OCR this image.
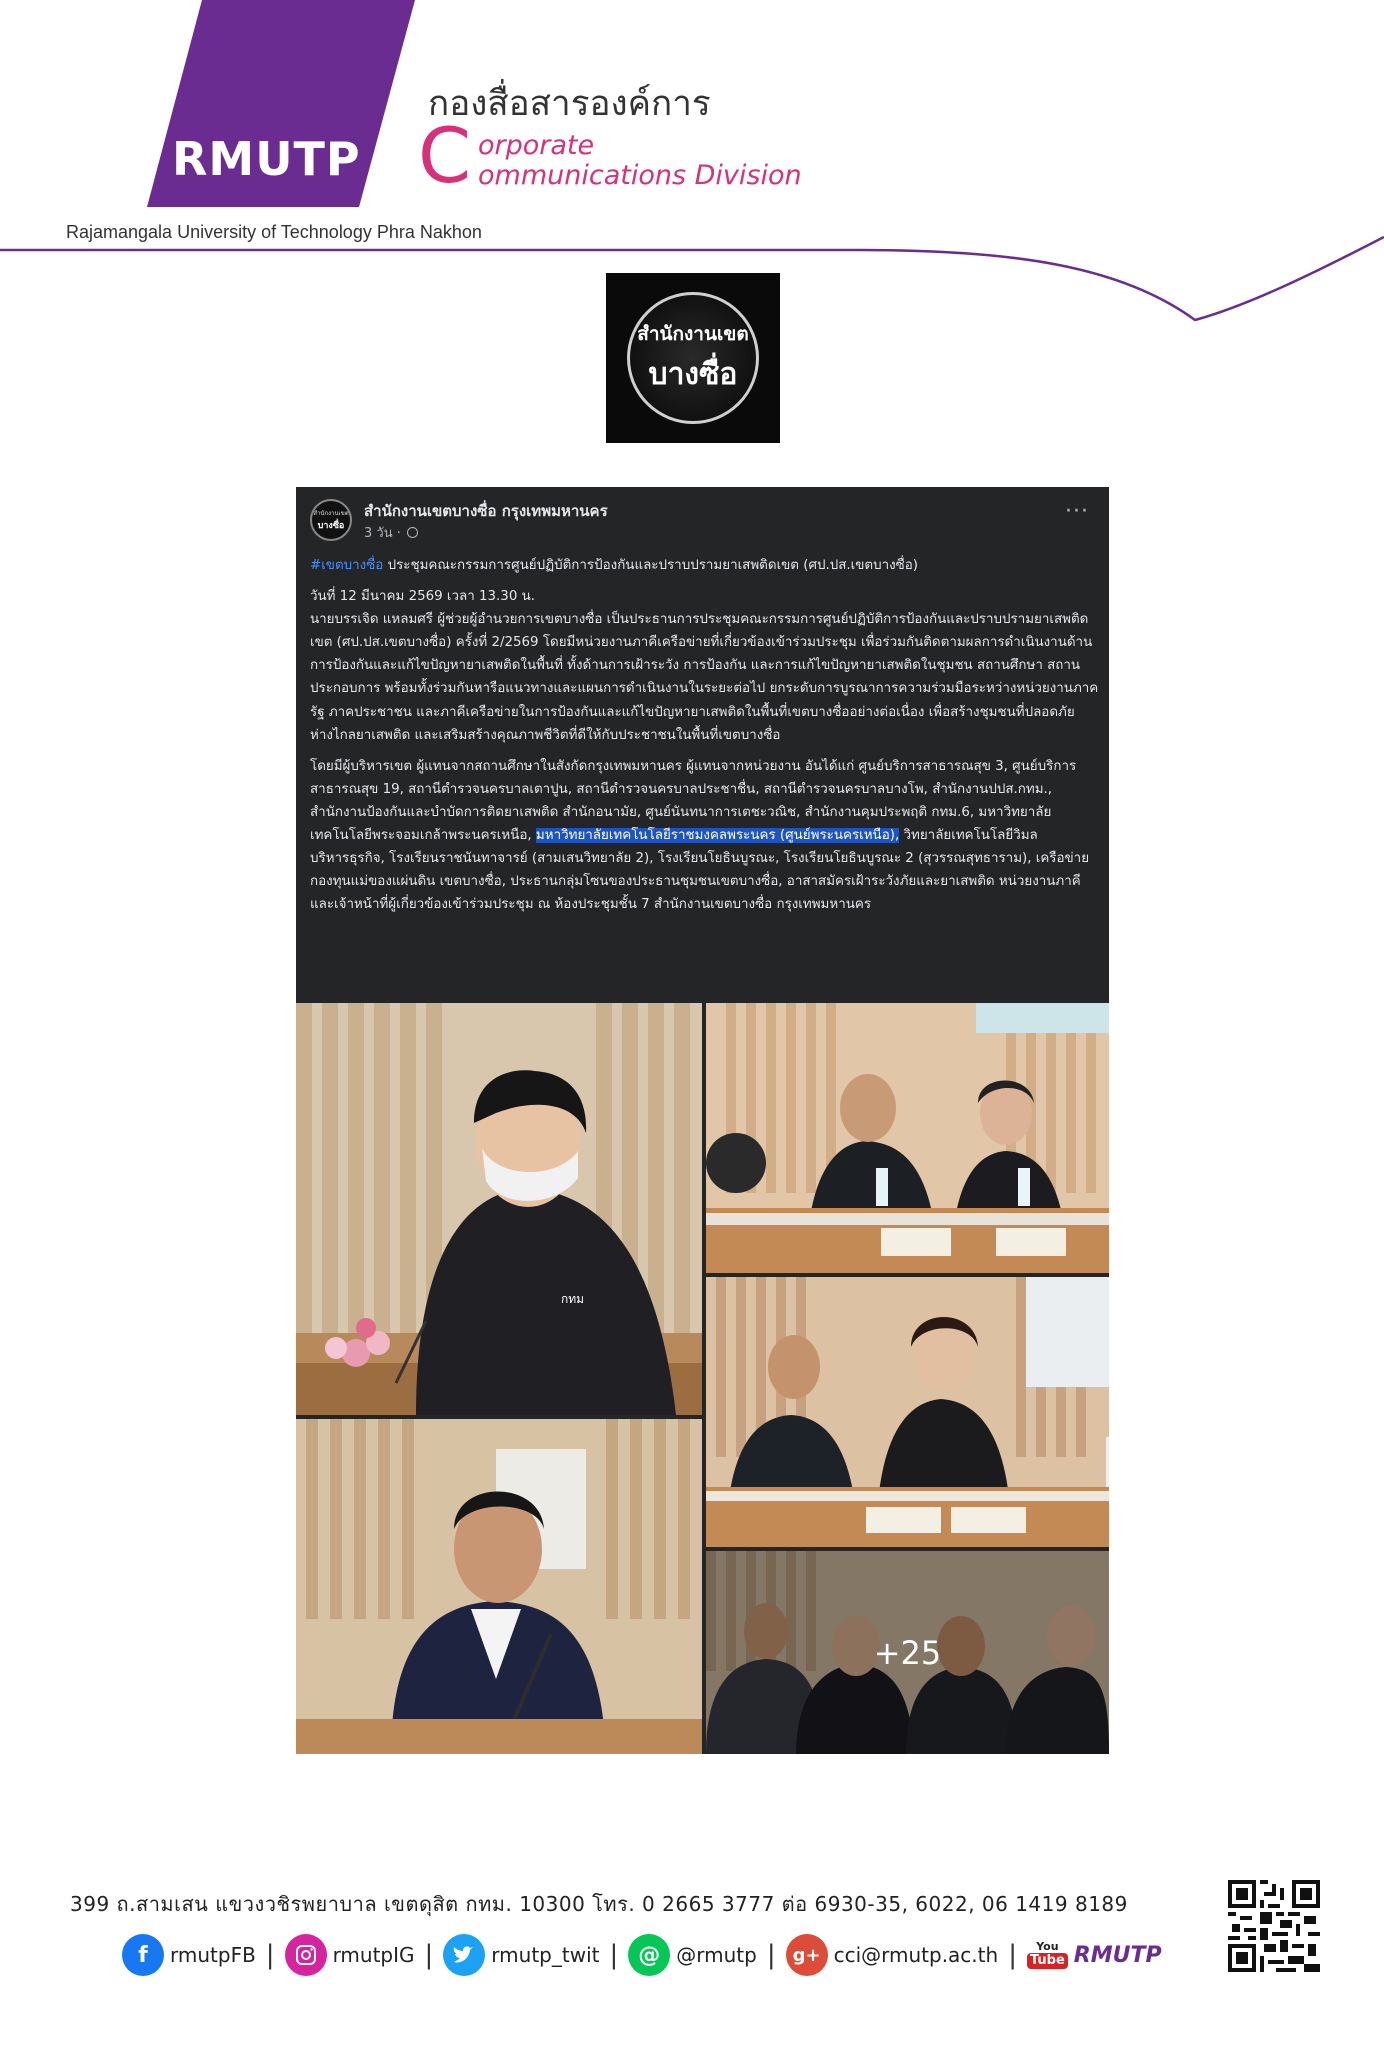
RMUTP
กองสื่อสารองค์การ
C orporate
ommunications Division
Rajamangala University of Technology Phra Nakhon
สำนักงานเขต
บางซื่อ
สำนักงานเขต
บางซื่อ
สำนักงานเขตบางซื่อ กรุงเทพมหานคร
3 วัน ·
···

#เขตบางซื่อ ประชุมคณะกรรมการศูนย์ปฏิบัติการป้องกันและปราบปรามยาเสพติดเขต (ศป.ปส.เขตบางซื่อ)

วันที่ 12 มีนาคม 2569 เวลา 13.30 น.
นายบรรเจิด แหลมศรี ผู้ช่วยผู้อำนวยการเขตบางซื่อ เป็นประธานการประชุมคณะกรรมการศูนย์ปฏิบัติการป้องกันและปราบปรามยาเสพติดเขต (ศป.ปส.เขตบางซื่อ) ครั้งที่ 2/2569 โดยมีหน่วยงานภาคีเครือข่ายที่เกี่ยวข้องเข้าร่วมประชุม เพื่อร่วมกันติดตามผลการดำเนินงานด้านการป้องกันและแก้ไขปัญหายาเสพติดในพื้นที่ ทั้งด้านการเฝ้าระวัง การป้องกัน และการแก้ไขปัญหายาเสพติดในชุมชน สถานศึกษา สถานประกอบการ พร้อมทั้งร่วมกันหารือแนวทางและแผนการดำเนินงานในระยะต่อไป ยกระดับการบูรณาการความร่วมมือระหว่างหน่วยงานภาครัฐ ภาคประชาชน และภาคีเครือข่ายในการป้องกันและแก้ไขปัญหายาเสพติดในพื้นที่เขตบางซื่ออย่างต่อเนื่อง เพื่อสร้างชุมชนที่ปลอดภัย ห่างไกลยาเสพติด และเสริมสร้างคุณภาพชีวิตที่ดีให้กับประชาชนในพื้นที่เขตบางซื่อ

โดยมีผู้บริหารเขต ผู้แทนจากสถานศึกษาในสังกัดกรุงเทพมหานคร ผู้แทนจากหน่วยงาน อันได้แก่ ศูนย์บริการสาธารณสุข 3, ศูนย์บริการสาธารณสุข 19, สถานีตำรวจนครบาลเตาปูน, สถานีตำรวจนครบาลประชาชื่น, สถานีตำรวจนครบาลบางโพ, สำนักงานปปส.กทม., สำนักงานป้องกันและบำบัดการติดยาเสพติด สำนักอนามัย, ศูนย์นันทนาการเตชะวณิช, สำนักงานคุมประพฤติ กทม.6, มหาวิทยาลัยเทคโนโลยีพระจอมเกล้าพระนครเหนือ, มหาวิทยาลัยเทคโนโลยีราชมงคลพระนคร (ศูนย์พระนครเหนือ), วิทยาลัยเทคโนโลยีวิมลบริหารธุรกิจ, โรงเรียนราชนันทาจารย์ (สามเสนวิทยาลัย 2), โรงเรียนโยธินบูรณะ, โรงเรียนโยธินบูรณะ 2 (สุวรรณสุทธาราม), เครือข่ายกองทุนแม่ของแผ่นดิน เขตบางซื่อ, ประธานกลุ่มโซนของประธานชุมชนเขตบางซื่อ, อาสาสมัครเฝ้าระวังภัยและยาเสพติด หน่วยงานภาคี และเจ้าหน้าที่ผู้เกี่ยวข้องเข้าร่วมประชุม ณ ห้องประชุมชั้น 7 สำนักงานเขตบางซื่อ กรุงเทพมหานคร

กทม
+25
399 ถ.สามเสน แขวงวชิรพยาบาล เขตดุสิต กทม. 10300 โทร. 0 2665 3777 ต่อ 6930-35, 6022, 06 1419 8189
f	rmutpFB |	rmutpIG |	rmutp_twit | @ @rmutp | g+ cci@rmutp.ac.th | You
Tube RMUTP
